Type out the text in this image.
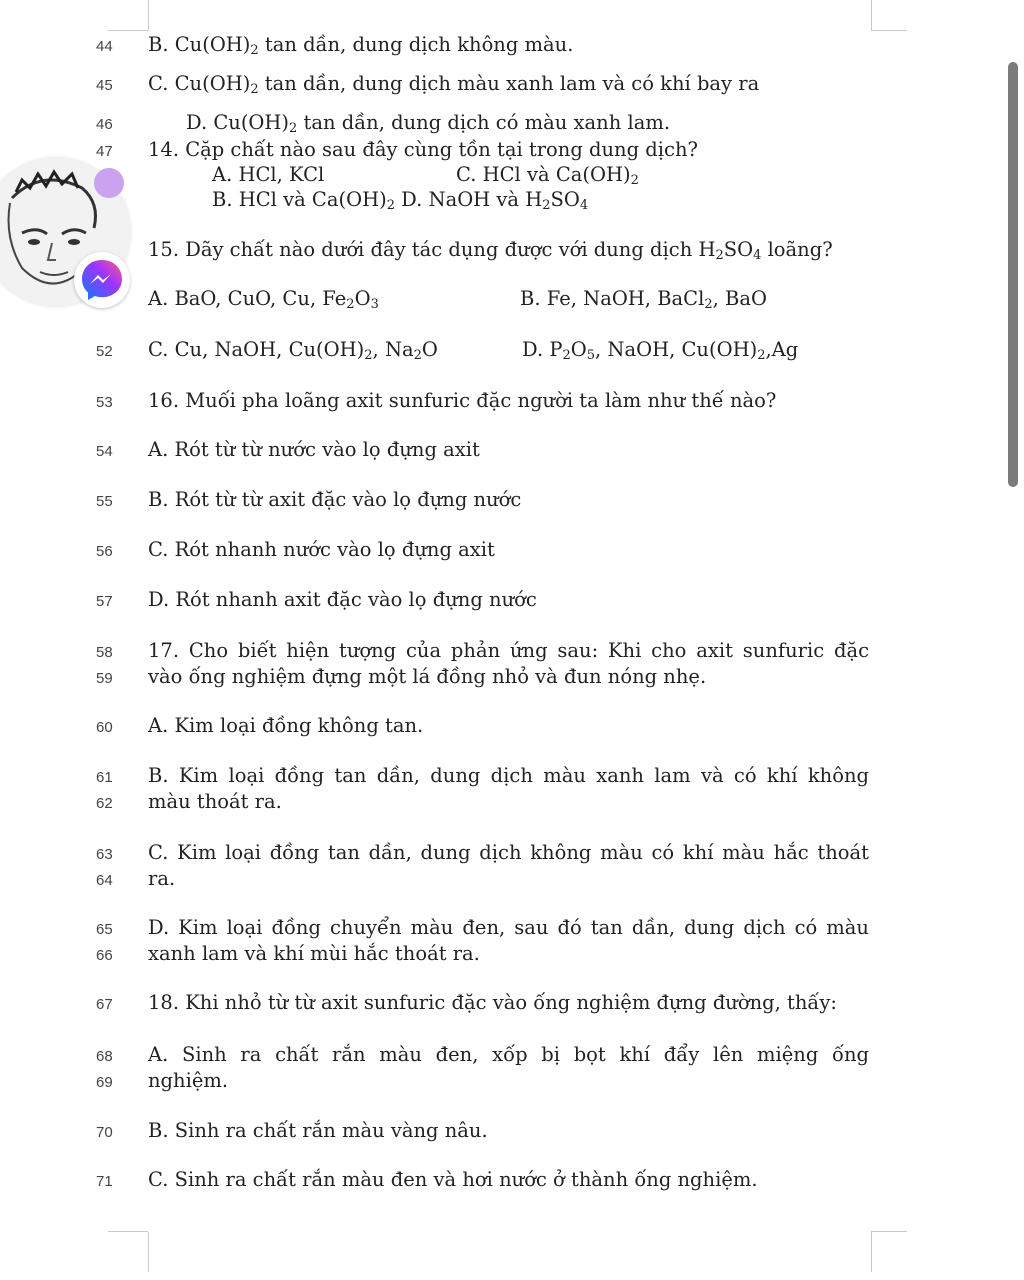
44	B. $Cu(OH)_2$ tan dần, dung dịch không màu.
45	C. $Cu(OH)_2$ tan dần, dung dịch màu xanh lam và có khí bay ra
46	D. $Cu(OH)_2$ tan dần, dung dịch có màu xanh lam.
47	14. Cặp chất nào sau đây cùng tồn tại trong dung dịch?
A. HCl, KCl	C. HCl và $Ca(OH)_2$
B. HCl và $Ca(OH)_2$ D. NaOH và $H_2SO_4$
15. Dãy chất nào dưới đây tác dụng được với dung dịch $H_2SO_4$ loãng?
A. BaO, CuO, Cu, $Fe_2O_3$	B. Fe, NaOH, BaCl$_2$, BaO
52	C. Cu, NaOH, $Cu(OH)_2$, $Na_2O$	D. $P_2O_5$, NaOH, $Cu(OH)_2,Ag$
53	16. Muối pha loãng axit sunfuric đặc người ta làm như thế nào?
54	A. Rót từ từ nước vào lọ đựng axit
55	B. Rót từ từ axit đặc vào lọ đựng nước
56	C. Rót nhanh nước vào lọ đựng axit
57	D. Rót nhanh axit đặc vào lọ đựng nước
58	17. Cho biết hiện tượng của phản ứng sau: Khi cho axit sunfuric đặc
59	vào ống nghiệm đựng một lá đồng nhỏ và đun nóng nhẹ.
60	A. Kim loại đồng không tan.
61	B. Kim loại đồng tan dần, dung dịch màu xanh lam và có khí không
62	màu thoát ra.
63	C. Kim loại đồng tan dần, dung dịch không màu có khí màu hắc thoát
64	ra.
65	D. Kim loại đồng chuyển màu đen, sau đó tan dần, dung dịch có màu
66	xanh lam và khí mùi hắc thoát ra.
67	18. Khi nhỏ từ từ axit sunfuric đặc vào ống nghiệm đựng đường, thấy:
68	A. Sinh ra chất rắn màu đen, xốp bị bọt khí đẩy lên miệng ống
69	nghiệm.
70	B. Sinh ra chất rắn màu vàng nâu.
71	C. Sinh ra chất rắn màu đen và hơi nước ở thành ống nghiệm.
